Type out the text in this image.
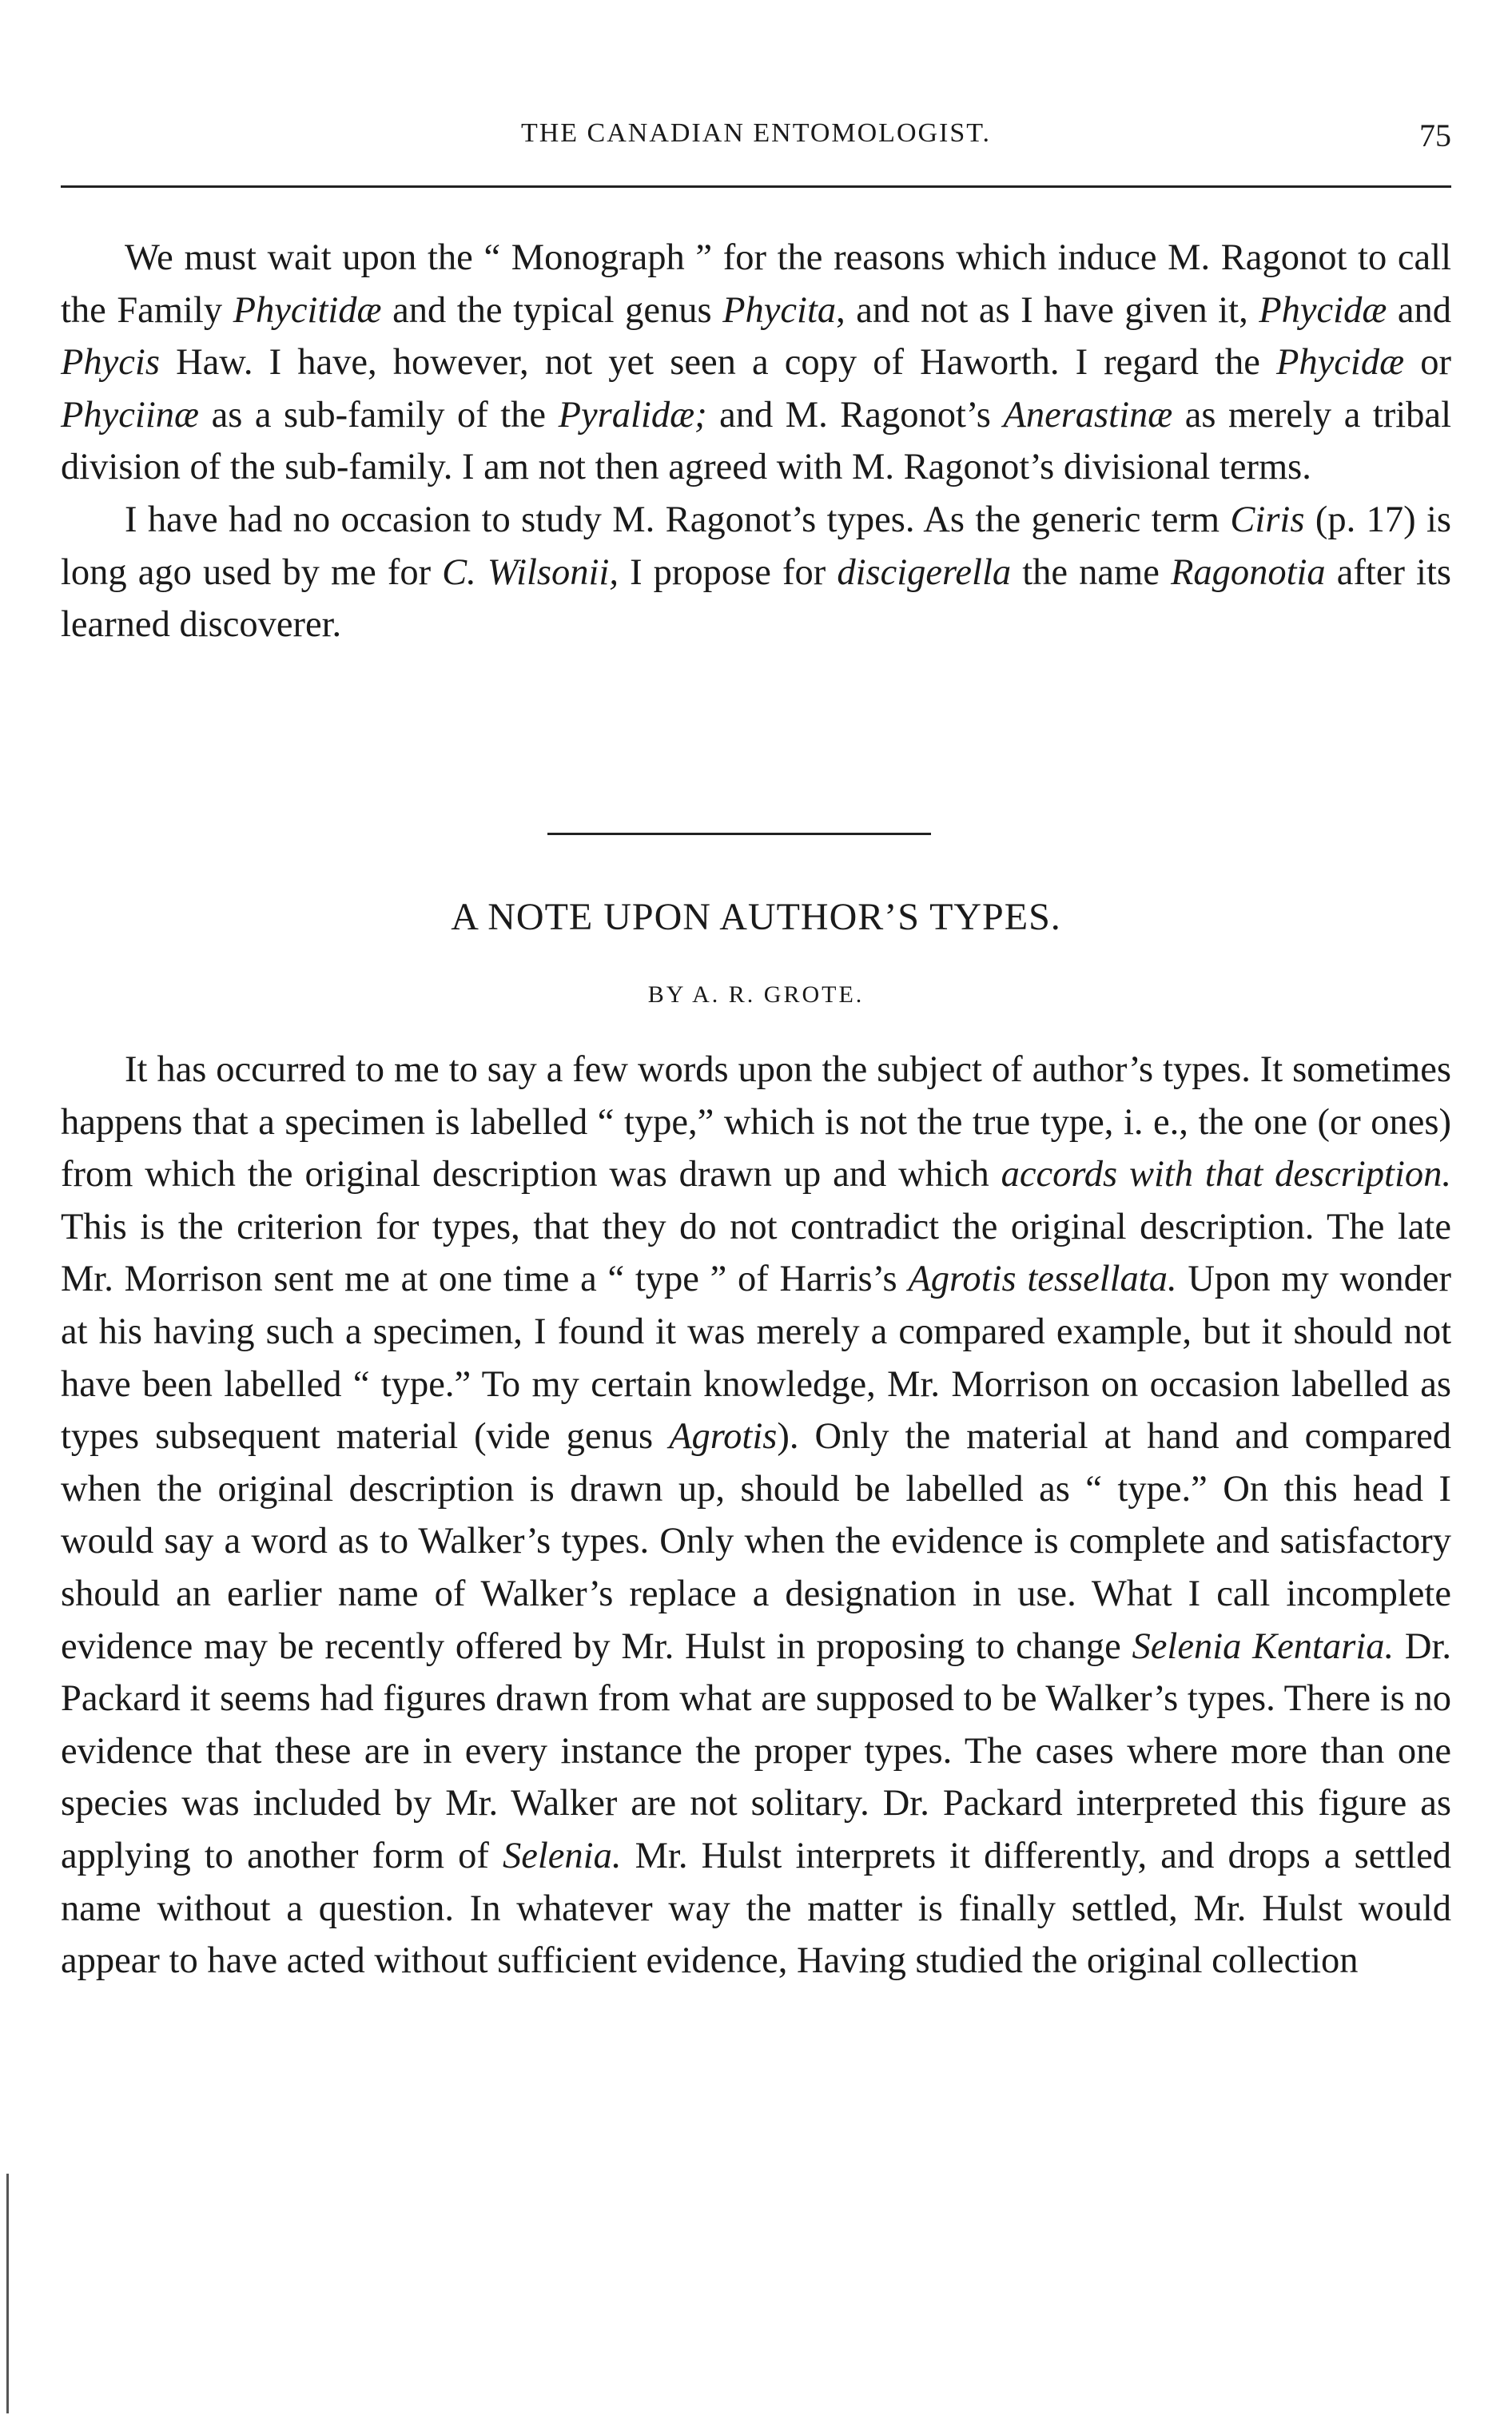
THE CANADIAN ENTOMOLOGIST.	75

We must wait upon the “ Monograph ” for the reasons which induce M. Ragonot to call the Family Phycitidæ and the typical genus Phycita, and not as I have given it, Phycidæ and Phycis Haw. I have, however, not yet seen a copy of Haworth. I regard the Phycidæ or Phyciinæ as a sub-family of the Pyralidæ; and M. Ragonot’s Anerastinæ as merely a tribal division of the sub-family. I am not then agreed with M. Ragonot’s divisional terms.

I have had no occasion to study M. Ragonot’s types. As the generic term Ciris (p. 17) is long ago used by me for C. Wilsonii, I propose for discigerella the name Ragonotia after its learned discoverer.

A NOTE UPON AUTHOR’S TYPES.
BY A. R. GROTE.

It has occurred to me to say a few words upon the subject of author’s types. It sometimes happens that a specimen is labelled “ type,” which is not the true type, i. e., the one (or ones) from which the original description was drawn up and which accords with that description. This is the criterion for types, that they do not contradict the original description. The late Mr. Morrison sent me at one time a “ type ” of Harris’s Agrotis tessellata. Upon my wonder at his having such a specimen, I found it was merely a compared example, but it should not have been labelled “ type.” To my certain knowledge, Mr. Morrison on occasion labelled as types subsequent material (vide genus Agrotis). Only the material at hand and compared when the original description is drawn up, should be labelled as “ type.” On this head I would say a word as to Walker’s types. Only when the evidence is complete and satisfactory should an earlier name of Walker’s replace a designation in use. What I call incomplete evidence may be recently offered by Mr. Hulst in proposing to change Selenia Kentaria. Dr. Packard it seems had figures drawn from what are supposed to be Walker’s types. There is no evidence that these are in every instance the proper types. The cases where more than one species was included by Mr. Walker are not solitary. Dr. Packard interpreted this figure as applying to another form of Selenia. Mr. Hulst interprets it differently, and drops a settled name without a question. In whatever way the matter is finally settled, Mr. Hulst would appear to have acted without sufficient evidence, Having studied the original collection
